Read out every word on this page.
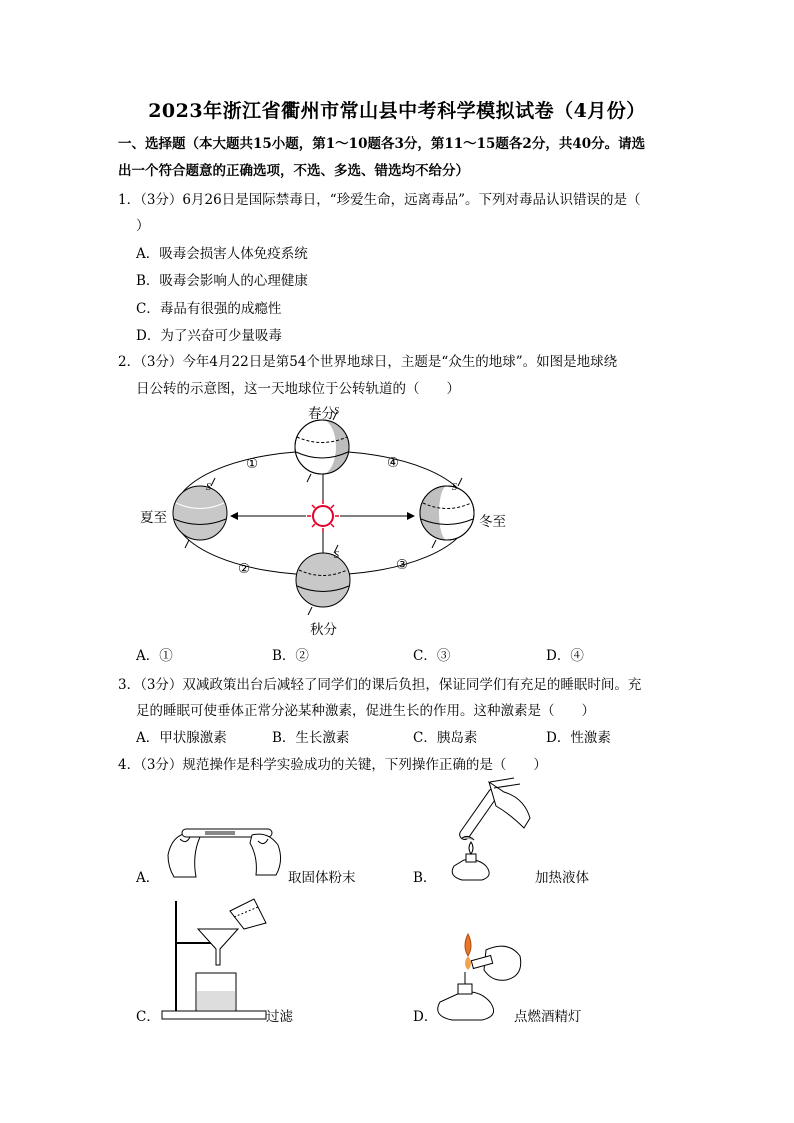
2023年浙江省衢州市常山县中考科学模拟试卷（4月份）
一、选择题（本大题共15小题，第1～10题各3分，第11～15题各2分，共40分。请选
出一个符合题意的正确选项，不选、多选、错选均不给分）
1．（3分）6月26日是国际禁毒日，“珍爱生命，远离毒品”。下列对毒品认识错误的是（
）
A．吸毒会损害人体免疫系统
B．吸毒会影响人的心理健康
C．毒品有很强的成瘾性
D．为了兴奋可少量吸毒
2．（3分）今年4月22日是第54个世界地球日，主题是“众生的地球”。如图是地球绕
日公转的示意图，这一天地球位于公转轨道的（　　）
S
S	S
S
春分
夏至	冬至
秋分
①
②	③
④
A．①	B．②	C．③	D．④
3．（3分）双减政策出台后减轻了同学们的课后负担，保证同学们有充足的睡眠时间。充
足的睡眠可使垂体正常分泌某种激素，促进生长的作用。这种激素是（　　）
A．甲状腺激素	B．生长激素	C．胰岛素	D．性激素
4．（3分）规范操作是科学实验成功的关键，下列操作正确的是（　　）
A．	取固体粉末	B．	加热液体
C．	过滤	D．	点燃酒精灯
